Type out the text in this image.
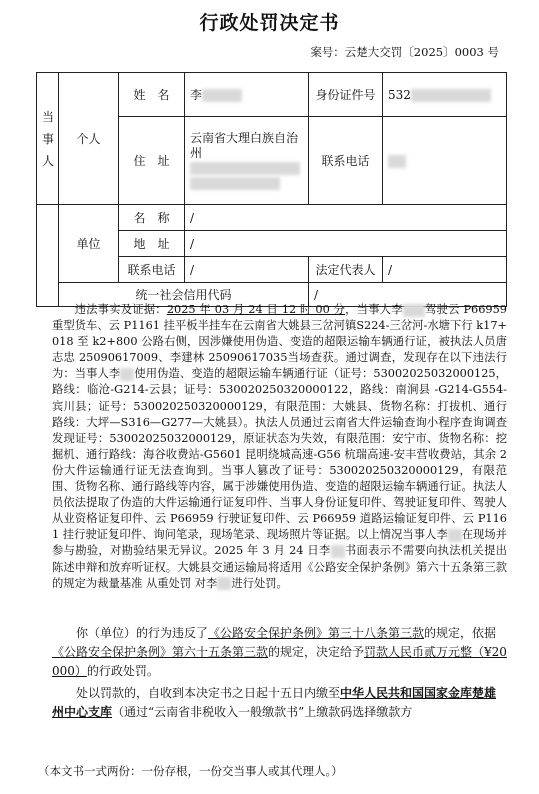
行政处罚决定书
案号：云楚大交罚〔2025〕0003 号
当事人	个人	姓　名	李	身份证件号	532
		住　址	云南省大理白族自治州	联系电话	

	单位	名　称	/		
		地　址	/		
		联系电话	/	法定代表人	/
	统一社会信用代码			/	
违法事实及证据：2025 年 03 月 24 日 12 时 00 分，当事人李 驾驶云 P66959 重型货车、云 P1161 挂平板半挂车在云南省大姚县三岔河镇S224-三岔河-水塘下行 k17+018 至 k2+800 公路右侧，因涉嫌使用伪造、变造的超限运输车辆通行证，被执法人员唐志忠 25090617009、李建林 25090617035当场查获。通过调查，发现存在以下违法行为：当事人李 使用伪造、变造的超限运输车辆通行证（证号：53002025032000125，路线：临沧-G214-云县；证号：530020250320000122，路线：南涧县 -G214-G554-宾川县；证号：530020250320000129，有限范围：大姚县、货物名称：打拔机、通行路线：大坪—S316—G277—大姚县）。执法人员通过云南省大件运输查询小程序查询调查发现证号：53002025032000129，原证状态为失效，有限范围：安宁市、货物名称：挖掘机、通行路线：海谷收费站-G5601 昆明绕城高速-G56 杭瑞高速-安丰营收费站，其余 2 份大件运输通行证无法查询到。当事人篡改了证号：530020250320000129，有限范围、货物名称、通行路线等内容，属于涉嫌使用伪造、变造的超限运输车辆通行证。执法人员依法提取了伪造的大件运输通行证复印件、当事人身份证复印件、驾驶证复印件、驾驶人从业资格证复印件、云 P66959 行驶证复印件、云 P66959 道路运输证复印件、云 P1161 挂行驶证复印件、询问笔录，现场笔录、现场照片等证据。以上情况当事人李 在现场并参与勘验，对勘验结果无异议。2025 年 3 月 24 日李 书面表示不需要向执法机关提出陈述申辩和放弃听证权。大姚县交通运输局将适用《公路安全保护条例》第六十五条第三款的规定为裁量基准 从重处罚 对李 进行处罚。
你（单位）的行为违反了《公路安全保护条例》第三十八条第三款的规定，依据《公路安全保护条例》第六十五条第三款的规定，决定给予罚款人民币贰万元整（¥20000）的行政处罚。
处以罚款的，自收到本决定书之日起十五日内缴至中华人民共和国国家金库楚雄州中心支库（通过“云南省非税收入一般缴款书”上缴款码选择缴款方
（本文书一式两份：一份存根，一份交当事人或其代理人。）
